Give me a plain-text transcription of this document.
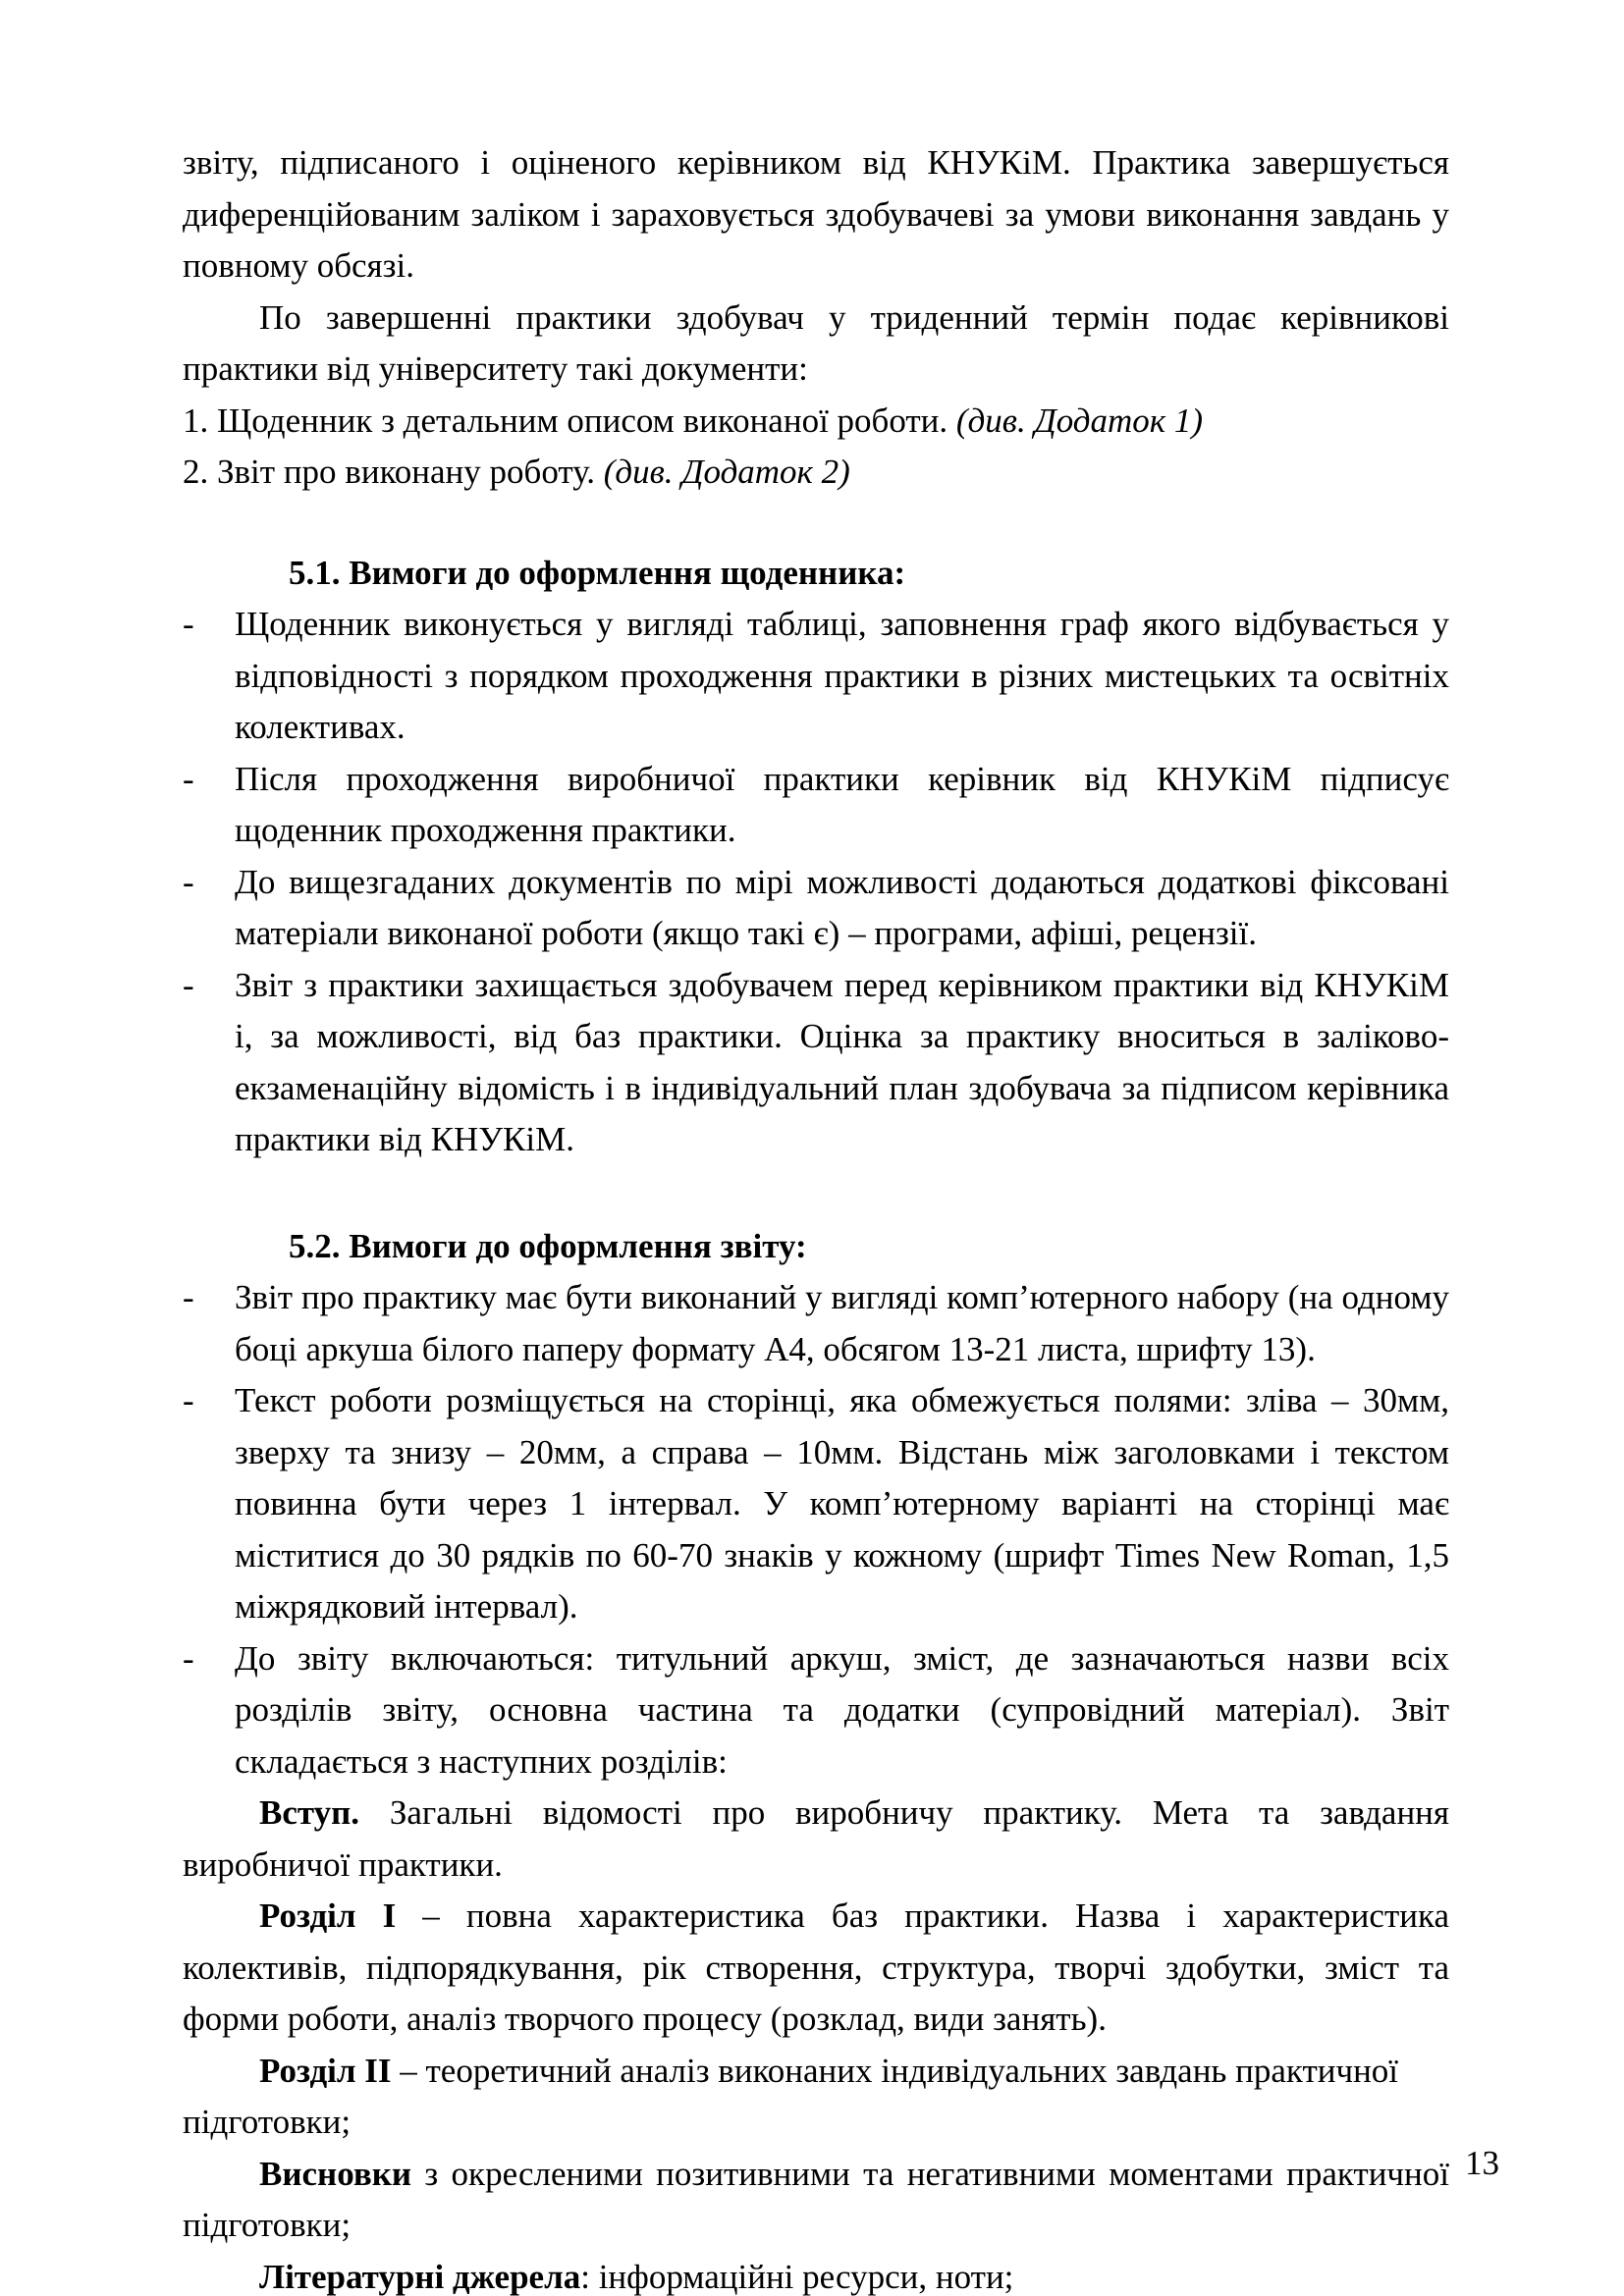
звіту, підписаного і оціненого керівником від КНУКіМ. Практика завершується диференційованим заліком і зараховується здобувачеві за умови виконання завдань у повному обсязі.

По завершенні практики здобувач у триденний термін подає керівникові практики від університету такі документи:

1. Щоденник з детальним описом виконаної роботи. (див. Додаток 1)
2. Звіт про виконану роботу. (див. Додаток 2)

5.1. Вимоги до оформлення щоденника:

-	Щоденник виконується у вигляді таблиці, заповнення граф якого відбувається у відповідності з порядком проходження практики в різних мистецьких та освітніх колективах.
-	Після проходження виробничої практики керівник від КНУКіМ підписує щоденник проходження практики.
-	До вищезгаданих документів по мірі можливості додаються додаткові фіксовані матеріали виконаної роботи (якщо такі є) – програми, афіші, рецензії.
-	Звіт з практики захищається здобувачем перед керівником практики від КНУКіМ і, за можливості, від баз практики. Оцінка за практику вноситься в заліково-екзаменаційну відомість і в індивідуальний план здобувача за підписом керівника практики від КНУКіМ.

5.2. Вимоги до оформлення звіту:

-	Звіт про практику має бути виконаний у вигляді комп’ютерного набору (на одному боці аркуша білого паперу формату А4, обсягом 13-21 листа, шрифту 13).
-	Текст роботи розміщується на сторінці, яка обмежується полями: зліва – 30мм, зверху та знизу – 20мм, а справа – 10мм. Відстань між заголовками і текстом повинна бути через 1 інтервал. У комп’ютерному варіанті на сторінці має міститися до 30 рядків по 60-70 знаків у кожному (шрифт Times New Roman, 1,5 міжрядковий інтервал).
-	До звіту включаються: титульний аркуш, зміст, де зазначаються назви всіх розділів звіту, основна частина та додатки (супровідний матеріал). Звіт складається з наступних розділів:

Вступ. Загальні відомості про виробничу практику. Мета та завдання виробничої практики.

Розділ I – повна характеристика баз практики. Назва і характеристика колективів, підпорядкування, рік створення, структура, творчі здобутки, зміст та форми роботи, аналіз творчого процесу (розклад, види занять).

Розділ II – теоретичний аналіз виконаних індивідуальних завдань практичної підготовки;

Висновки з окресленими позитивними та негативними моментами практичної підготовки;

Літературні джерела: інформаційні ресурси, ноти;

13
